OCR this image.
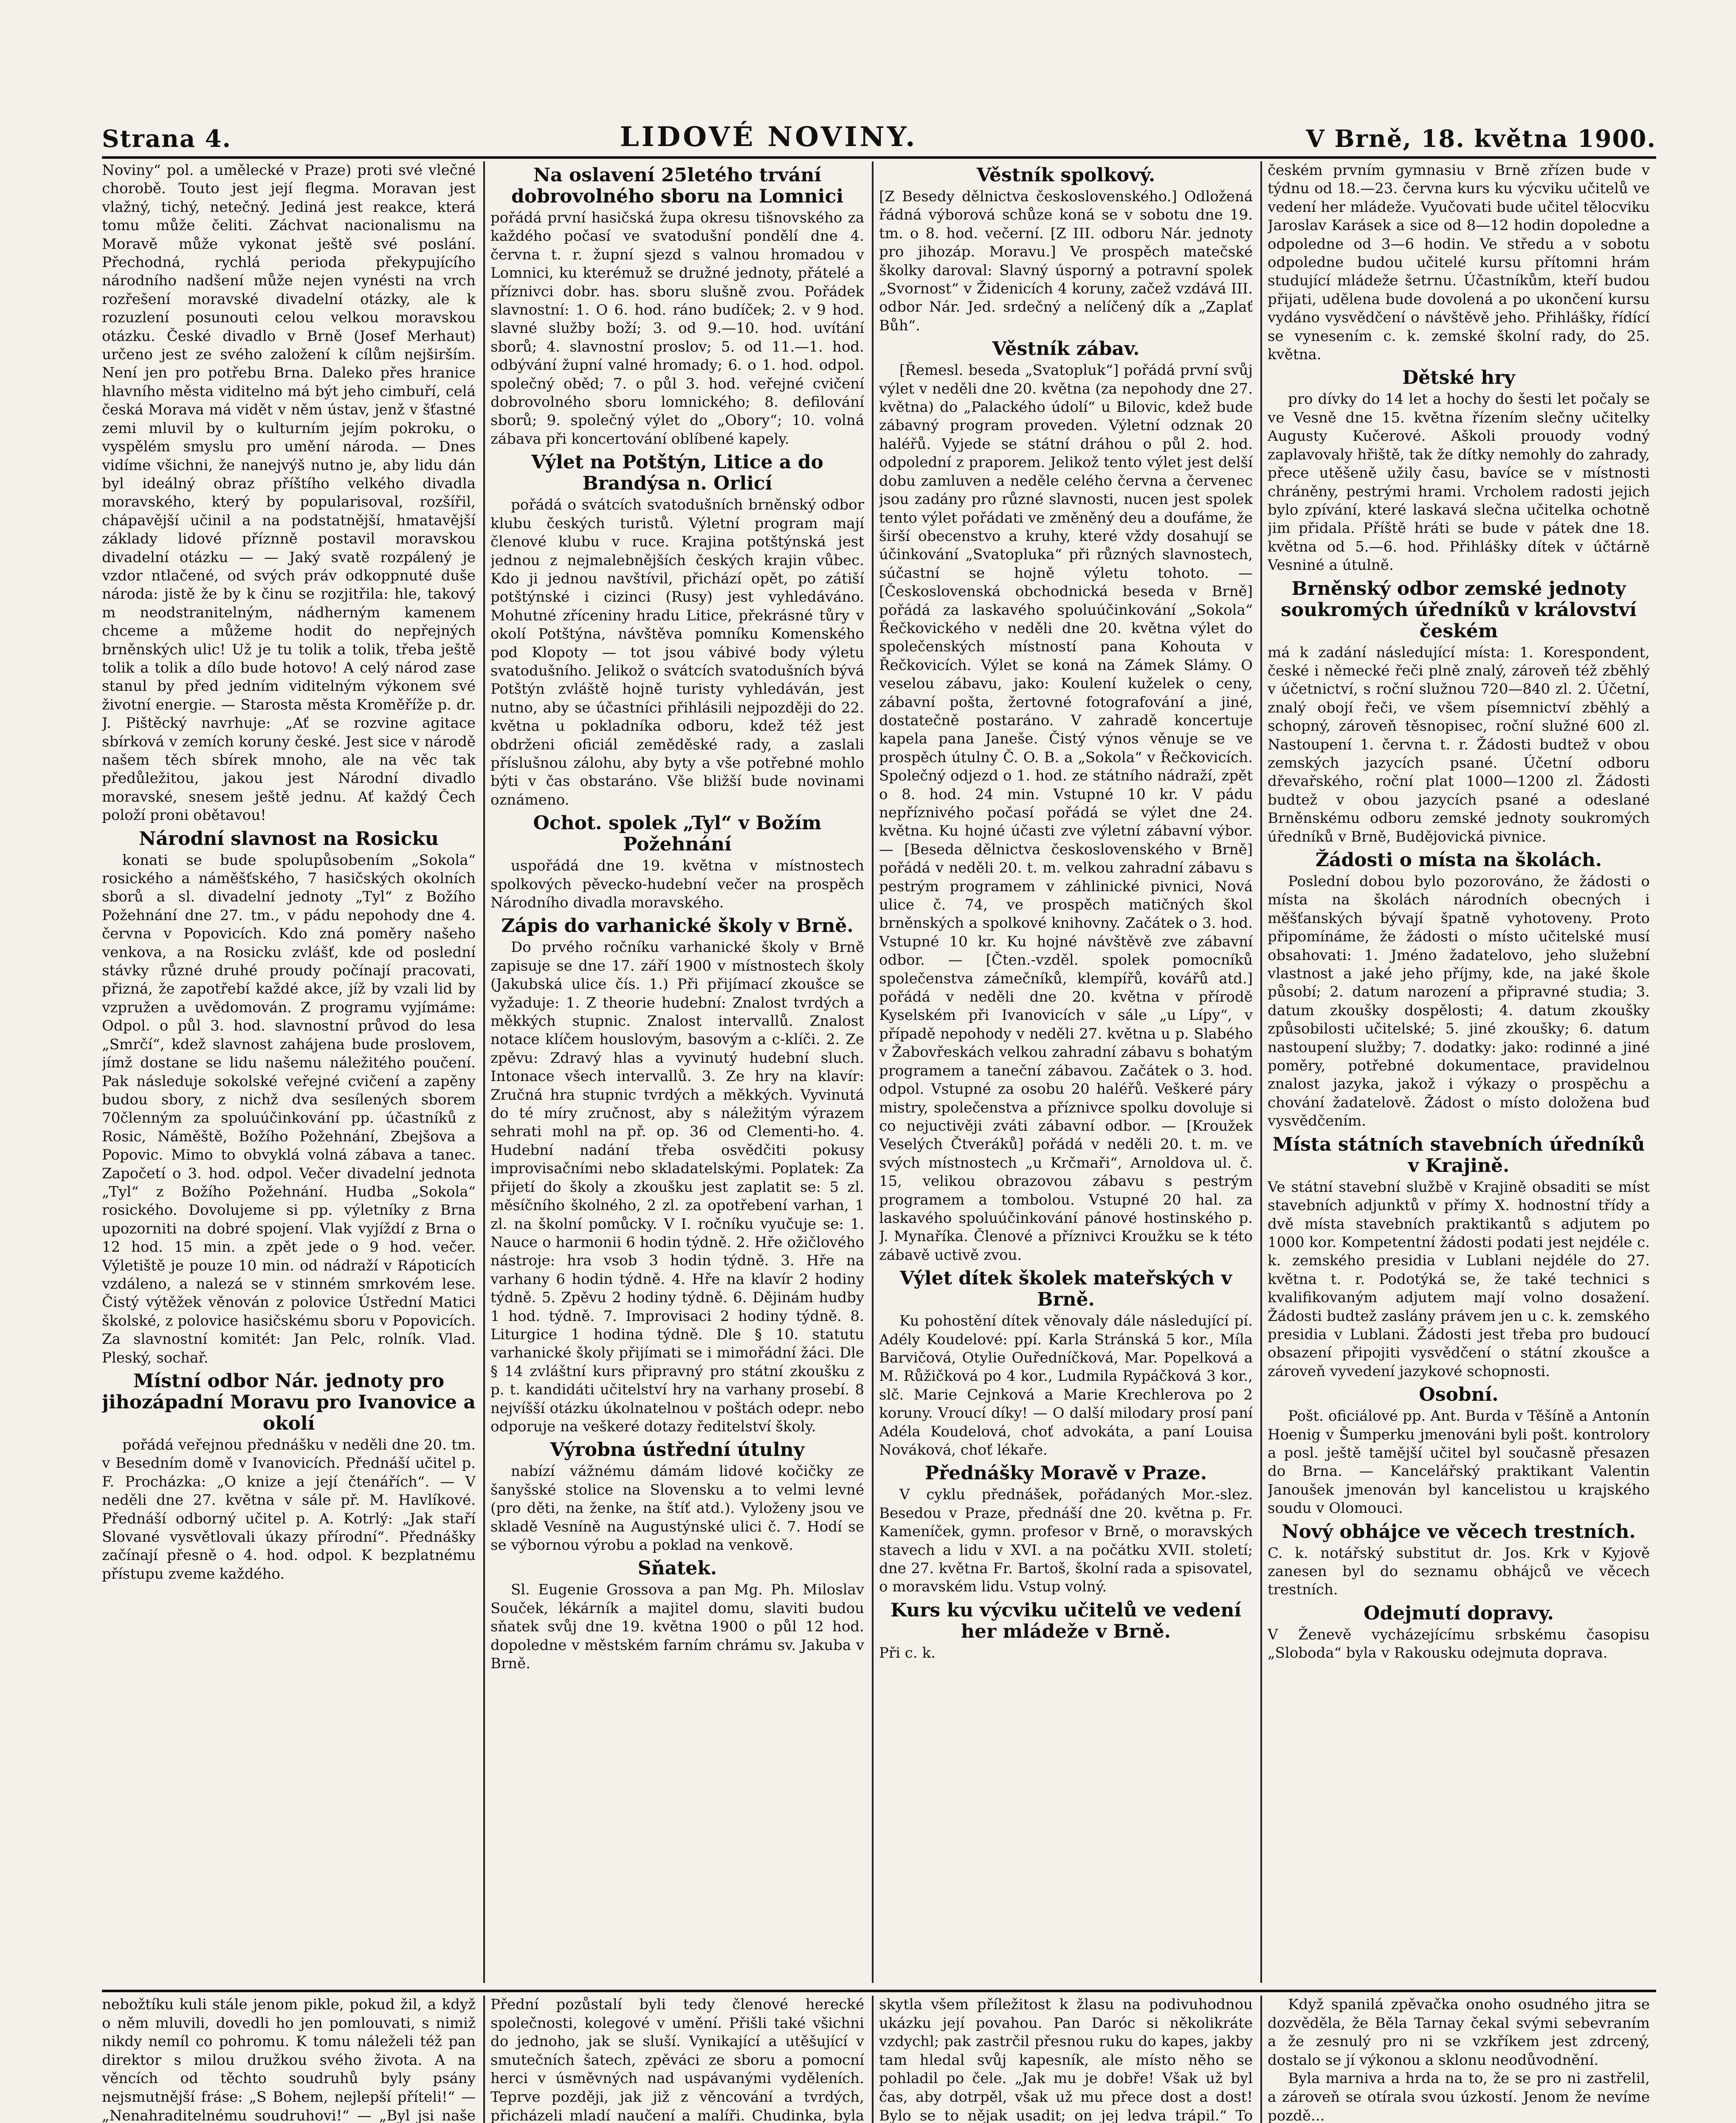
Strana 4.	LIDOVÉ NOVINY.	V Brně, 18. května 1900.

Noviny“ pol. a umělecké v Praze) proti své vlečné chorobě. Touto jest její flegma. Moravan jest vlažný, tichý, netečný. Jediná jest reakce, která tomu může čeliti. Záchvat nacionalismu na Moravě může vykonat ještě své poslání. Přechodná, rychlá perioda překypujícího národního nadšení může nejen vynésti na vrch rozřešení moravské divadelní otázky, ale k rozuzlení posunouti celou velkou moravskou otázku. České divadlo v Brně (Josef Merhaut) určeno jest ze svého založení k cílům nejširším. Není jen pro potřebu Brna. Daleko přes hranice hlavního města viditelno má být jeho cimbuří, celá česká Morava má vidět v něm ústav, jenž v šťastné zemi mluvil by o kulturním jejím pokroku, o vyspělém smyslu pro umění národa. — Dnes vidíme všichni, že nanejvýš nutno je, aby lidu dán byl ideálný obraz příštího velkého divadla moravského, který by popularisoval, rozšířil, chápavější učinil a na podstatnější, hmatavější základy lidové příznně postavil moravskou divadelní otázku — — Jaký svatě rozpálený je vzdor ntlačené, od svých práv odkoppnuté duše národa: jistě že by k činu se rozjitřila: hle, takový m neodstranitelným, nádherným kamenem chceme a můžeme hodit do nepřejných brněnských ulic! Už je tu tolik a tolik, třeba ještě tolik a tolik a dílo bude hotovo! A celý národ zase stanul by před jedním viditelným výkonem své životní energie. — Starosta města Kroměříže p. dr. J. Pištěcký navrhuje: „Ať se rozvine agitace sbírková v zemích koruny české. Jest sice v národě našem těch sbírek mnoho, ale na věc tak předůležitou, jakou jest Národní divadlo moravské, snesem ještě jednu. Ať každý Čech položí proni obětavou!

Národní slavnost na Rosicku

konati se bude spolupůsobením „Sokola“ rosického a náměšťského, 7 hasičských okolních sborů a sl. divadelní jednoty „Tyl“ z Božího Požehnání dne 27. tm., v pádu nepohody dne 4. června v Popovicích. Kdo zná poměry našeho venkova, a na Rosicku zvlášť, kde od poslední stávky různé druhé proudy počínají pracovati, přizná, že zapotřebí každé akce, jíž by vzali lid by vzpružen a uvědomován. Z programu vyjímáme: Odpol. o půl 3. hod. slavnostní průvod do lesa „Smrčí“, kdež slavnost zahájena bude proslovem, jímž dostane se lidu našemu náležitého poučení. Pak následuje sokolské veřejné cvičení a zapěny budou sbory, z nichž dva sesílených sborem 70členným za spoluúčinkování pp. účastníků z Rosic, Náměště, Božího Požehnání, Zbejšova a Popovic. Mimo to obvyklá volná zábava a tanec. Započetí o 3. hod. odpol. Večer divadelní jednota „Tyl“ z Božího Požehnání. Hudba „Sokola“ rosického. Dovolujeme si pp. výletníky z Brna upozorniti na dobré spojení. Vlak vyjíždí z Brna o 12 hod. 15 min. a zpět jede o 9 hod. večer. Výletiště je pouze 10 min. od nádraží v Rápoticích vzdáleno, a nalezá se v stinném smrkovém lese. Čistý výtěžek věnován z polovice Ústřední Matici školské, z polovice hasičskému sboru v Popovicích. Za slavnostní komitét: Jan Pelc, rolník. Vlad. Pleský, sochař.

Místní odbor Nár. jednoty pro jihozápadní Moravu pro Ivanovice a okolí

pořádá veřejnou přednášku v neděli dne 20. tm. v Besedním domě v Ivanovicích. Přednáší učitel p. F. Procházka: „O knize a její čtenářích“. — V neděli dne 27. května v sále př. M. Havlíkové. Přednáší odborný učitel p. A. Kotrlý: „Jak staří Slované vysvětlovali úkazy přírodní“. Přednášky začínají přesně o 4. hod. odpol. K bezplatnému přístupu zveme každého.

Na oslavení 25letého trvání dobrovolného sboru na Lomnici

pořádá první hasičská župa okresu tišnovského za každého počasí ve svatodušní pondělí dne 4. června t. r. župní sjezd s valnou hromadou v Lomnici, ku kterémuž se družné jednoty, přátelé a příznivci dobr. has. sboru slušně zvou. Pořádek slavnostní: 1. O 6. hod. ráno budíček; 2. v 9 hod. slavné služby boží; 3. od 9.—10. hod. uvítání sborů; 4. slavnostní proslov; 5. od 11.—1. hod. odbývání župní valné hromady; 6. o 1. hod. odpol. společný oběd; 7. o půl 3. hod. veřejné cvičení dobrovolného sboru lomnického; 8. defilování sborů; 9. společný výlet do „Obory“; 10. volná zábava při koncertování oblíbené kapely.

Výlet na Potštýn, Litice a do Brandýsa n. Orlicí

pořádá o svátcích svatodušních brněnský odbor klubu českých turistů. Výletní program mají členové klubu v ruce. Krajina potštýnská jest jednou z nejmalebnějších českých krajin vůbec. Kdo ji jednou navštívil, přichází opět, po zátiší potštýnské i cizinci (Rusy) jest vyhledáváno. Mohutné zříceniny hradu Litice, překrásné tůry v okolí Potštýna, návštěva pomníku Komenského pod Klopoty — tot jsou vábivé body výletu svatodušního. Jelikož o svátcích svatodušních bývá Potštýn zvláště hojně turisty vyhledáván, jest nutno, aby se účastníci přihlásili nejpozději do 22. května u pokladníka odboru, kdež též jest obdrženi oficiál zeměděské rady, a zaslali příslušnou zálohu, aby byty a vše potřebné mohlo býti v čas obstaráno. Vše bližší bude novinami oznámeno.

Ochot. spolek „Tyl“ v Božím Požehnání

uspořádá dne 19. května v místnostech spolkových pěvecko-hudební večer na prospěch Národního divadla moravského.

Zápis do varhanické školy v Brně.

Do prvého ročníku varhanické školy v Brně zapisuje se dne 17. září 1900 v místnostech školy (Jakubská ulice čís. 1.) Při přijímací zkoušce se vyžaduje: 1. Z theorie hudební: Znalost tvrdých a měkkých stupnic. Znalost intervallů. Znalost notace klíčem houslovým, basovým a c-klíči. 2. Ze zpěvu: Zdravý hlas a vyvinutý hudební sluch. Intonace všech intervallů. 3. Ze hry na klavír: Zručná hra stupnic tvrdých a měkkých. Vyvinutá do té míry zručnost, aby s náležitým výrazem sehrati mohl na př. op. 36 od Clementi-ho. 4. Hudební nadání třeba osvědčiti pokusy improvisačními nebo skladatelskými. Poplatek: Za přijetí do školy a zkoušku jest zaplatit se: 5 zl. měsíčního školného, 2 zl. za opotřebení varhan, 1 zl. na školní pomůcky. V I. ročníku vyučuje se: 1. Nauce o harmonii 6 hodin týdně. 2. Hře ožičlového nástroje: hra vsob 3 hodin týdně. 3. Hře na varhany 6 hodin týdně. 4. Hře na klavír 2 hodiny týdně. 5. Zpěvu 2 hodiny týdně. 6. Dějinám hudby 1 hod. týdně. 7. Improvisaci 2 hodiny týdně. 8. Liturgice 1 hodina týdně. Dle § 10. statutu varhanické školy přijímati se i mimořádní žáci. Dle § 14 zvláštní kurs připravný pro státní zkoušku z p. t. kandidáti učitelství hry na varhany prosebí. 8 nejvíšší otázku úkolnatelnou v poštách odepr. nebo odporuje na veškeré dotazy ředitelství školy.

Výrobna ústřední útulny

nabízí vážnému dámám lidové kočičky ze šanyšské stolice na Slovensku a to velmi levné (pro děti, na ženke, na štíť atd.). Vyloženy jsou ve skladě Vesníně na Augustýnské ulici č. 7. Hodí se se výbornou výrobu a poklad na venkově.

Sňatek.

Sl. Eugenie Grossova a pan Mg. Ph. Miloslav Souček, lékárník a majitel domu, slaviti budou sňatek svůj dne 19. května 1900 o půl 12 hod. dopoledne v městském farním chrámu sv. Jakuba v Brně.

Věstník spolkový.

[Z Besedy dělnictva československého.] Odložená řádná výborová schůze koná se v sobotu dne 19. tm. o 8. hod. večerní. [Z III. odboru Nár. jednoty pro jihozáp. Moravu.] Ve prospěch matečské školky daroval: Slavný úsporný a potravní spolek „Svornost“ v Židenicích 4 koruny, začež vzdává III. odbor Nár. Jed. srdečný a nelíčený dík a „Zaplať Bůh“.

Věstník zábav.

[Řemesl. beseda „Svatopluk“] pořádá první svůj výlet v neděli dne 20. května (za nepohody dne 27. května) do „Palackého údolí“ u Bilovic, kdež bude zábavný program proveden. Výletní odznak 20 haléřů. Vyjede se státní dráhou o půl 2. hod. odpolední z praporem. Jelikož tento výlet jest delší dobu zamluven a neděle celého června a červenec jsou zadány pro různé slavnosti, nucen jest spolek tento výlet pořádati ve změněný deu a doufáme, že širší obecenstvo a kruhy, které vždy dosahují se účinkování „Svatopluka“ při různých slavnostech, súčastní se hojně výletu tohoto. — [Československá obchodnická beseda v Brně] pořádá za laskavého spoluúčinkování „Sokola“ Řečkovického v neděli dne 20. května výlet do společenských místností pana Kohouta v Řečkovicích. Výlet se koná na Zámek Slámy. O veselou zábavu, jako: Koulení kuželek o ceny, zábavní pošta, žertovné fotografování a jiné, dostatečně postaráno. V zahradě koncertuje kapela pana Janeše. Čistý výnos věnuje se ve prospěch útulny Č. O. B. a „Sokola“ v Řečkovicích. Společný odjezd o 1. hod. ze státního nádraží, zpět o 8. hod. 24 min. Vstupné 10 kr. V pádu nepříznivého počasí pořádá se výlet dne 24. května. Ku hojné účasti zve výletní zábavní výbor. — [Beseda dělnictva československého v Brně] pořádá v neděli 20. t. m. velkou zahradní zábavu s pestrým programem v záhlinické pivnici, Nová ulice č. 74, ve prospěch matičných škol brněnských a spolkové knihovny. Začátek o 3. hod. Vstupné 10 kr. Ku hojné návštěvě zve zábavní odbor. — [Čten.-vzděl. spolek pomocníků společenstva zámečníků, klempířů, kovářů atd.] pořádá v neděli dne 20. května v přírodě Kyselském při Ivanovicích v sále „u Lípy“, v případě nepohody v neděli 27. května u p. Slabého v Žabovřeskách velkou zahradní zábavu s bohatým programem a taneční zábavou. Začátek o 3. hod. odpol. Vstupné za osobu 20 haléřů. Veškeré páry mistry, společenstva a příznivce spolku dovoluje si co nejuctivěji zváti zábavní odbor. — [Kroužek Veselých Čtveráků] pořádá v neděli 20. t. m. ve svých místnostech „u Krčmaři“, Arnoldova ul. č. 15, velikou obrazovou zábavu s pestrým programem a tombolou. Vstupné 20 hal. za laskavého spoluúčinkování pánové hostinského p. J. Mynaříka. Členové a příznivci Kroužku se k této zábavě uctivě zvou.

Výlet dítek školek mateřských v Brně.

Ku pohostění dítek věnovaly dále následující pí. Adély Koudelové: ppí. Karla Stránská 5 kor., Míla Barvičová, Otylie Ouředníčková, Mar. Popelková a M. Růžičková po 4 kor., Ludmila Rypáčková 3 kor., slč. Marie Cejnková a Marie Krechlerova po 2 koruny. Vroucí díky! — O další milodary prosí paní Adéla Koudelová, choť advokáta, a paní Louisa Nováková, choť lékaře.

Přednášky Moravě v Praze.

V cyklu přednášek, pořádaných Mor.-slez. Besedou v Praze, přednáší dne 20. května p. Fr. Kameníček, gymn. profesor v Brně, o moravských stavech a lidu v XVI. a na počátku XVII. století; dne 27. května Fr. Bartoš, školní rada a spisovatel, o moravském lidu. Vstup volný.

Kurs ku výcviku učitelů ve vedení her mládeže v Brně.

Při c. k.

českém prvním gymnasiu v Brně zřízen bude v týdnu od 18.—23. června kurs ku výcviku učitelů ve vedení her mládeže. Vyučovati bude učitel tělocviku Jaroslav Karásek a sice od 8—12 hodin dopoledne a odpoledne od 3—6 hodin. Ve středu a v sobotu odpoledne budou učitelé kursu přítomni hrám studující mládeže šetrnu. Účastníkům, kteří budou přijati, udělena bude dovolená a po ukončení kursu vydáno vysvědčení o návštěvě jeho. Přihlášky, řídící se vynesením c. k. zemské školní rady, do 25. května.

Dětské hry

pro dívky do 14 let a hochy do šesti let počaly se ve Vesně dne 15. května řízením slečny učitelky Augusty Kučerové. Aškoli prouody vodný zaplavovaly hřiště, tak že dítky nemohly do zahrady, přece utěšeně užily času, bavíce se v místnosti chráněny, pestrými hrami. Vrcholem radosti jejich bylo zpívání, které laskavá slečna učitelka ochotně jim přidala. Příště hráti se bude v pátek dne 18. května od 5.—6. hod. Přihlášky dítek v účtárně Vesniné a útulně.

Brněnský odbor zemské jednoty soukromých úředníků v království českém

má k zadání následující místa: 1. Korespondent, české i německé řeči plně znalý, zároveň též zběhlý v účetnictví, s roční služnou 720—840 zl. 2. Účetní, znalý obojí řeči, ve všem písemnictví zběhlý a schopný, zároveň těsnopisec, roční služné 600 zl. Nastoupení 1. června t. r. Žádosti budtež v obou zemských jazycích psané. Účetní odboru dřevařského, roční plat 1000—1200 zl. Žádosti budtež v obou jazycích psané a odeslané Brněnskému odboru zemské jednoty soukromých úředníků v Brně, Budějovická pivnice.

Žádosti o místa na školách.

Poslední dobou bylo pozorováno, že žádosti o místa na školách národních obecných i měšťanských bývají špatně vyhotoveny. Proto připomínáme, že žádosti o místo učitelské musí obsahovati: 1. Jméno žadatelovo, jeho služební vlastnost a jaké jeho příjmy, kde, na jaké škole působí; 2. datum narození a připravné studia; 3. datum zkoušky dospělosti; 4. datum zkoušky způsobilosti učitelské; 5. jiné zkoušky; 6. datum nastoupení služby; 7. dodatky: jako: rodinné a jiné poměry, potřebné dokumentace, pravidelnou znalost jazyka, jakož i výkazy o prospěchu a chování žadatelově. Žádost o místo doložena buď vysvědčením.

Místa státních stavebních úředníků v Krajině.

Ve státní stavební službě v Krajině obsaditi se míst stavebních adjunktů v přímy X. hodnostní třídy a dvě místa stavebních praktikantů s adjutem po 1000 kor. Kompetentní žádosti podati jest nejdéle c. k. zemského presidia v Lublani nejdéle do 27. května t. r. Podotýká se, že také technici s kvalifikovaným adjutem mají volno dosažení. Žádosti budtež zaslány právem jen u c. k. zemského presidia v Lublani. Žádosti jest třeba pro budoucí obsazení připojiti vysvědčení o státní zkoušce a zároveň vyvedení jazykové schopnosti.

Osobní.

Pošt. oficiálové pp. Ant. Burda v Těšíně a Antonín Hoenig v Šumperku jmenováni byli pošt. kontrolory a posl. ještě tamější učitel byl současně přesazen do Brna. — Kancelářský praktikant Valentin Janoušek jmenován byl kancelistou u krajského soudu v Olomouci.

Nový obhájce ve věcech trestních.

C. k. notářský substitut dr. Jos. Krk v Kyjově zanesen byl do seznamu obhájců ve věcech trestních.

Odejmutí dopravy.

V Ženevě vycházejícímu srbskému časopisu „Sloboda“ byla v Rakousku odejmuta doprava.

nebožtíku kuli stále jenom pikle, pokud žil, a když o něm mluvili, dovedli ho jen pomlouvati, s nimiž nikdy nemíl co pohromu. K tomu náleželi též pan direktor s milou družkou svého života. A na věncích od těchto soudruhů byly psány nejsmutnější fráse: „S Bohem, nejlepší příteli!“ — „Nenahraditelnému soudruhovi!“ — „Byl jsi naše

Přední pozůstalí byli tedy členové herecké společnosti, kolegové v umění. Přišli také všichni do jednoho, jak se sluší. Vynikající a utěšující v smutečních šatech, zpěváci ze sboru a pomocní herci v úsměvných nad uspávanými vyděleních. Teprve později, jak již z věncování a tvrdých, přicházeli mladí naučení a malíři. Chudinka, byla

skytla všem příležitost k žlasu na podivuhodnou ukázku její povahou. Pan Daróc si několikráte vzdychl; pak zastrčil přesnou ruku do kapes, jakby tam hledal svůj kapesník, ale místo něho se pohladil po čele. „Jak mu je dobře! Však už byl čas, aby dotrpěl, však už mu přece dost a dost! Bylo se to nějak usadit; on jej ledva trápil.“ To

Když spanilá zpěvačka onoho osudného jitra se dozvěděla, že Běla Tarnay čekal svými sebevraním a že zesnulý pro ni se vzkříkem jest zdrcený, dostalo se jí výkonou a sklonu neodůvodnění.

Byla marniva a hrda na to, že se pro ni zastřelil, a zároveň se otírala svou úzkostí. Jenom že nevíme pozdě...
